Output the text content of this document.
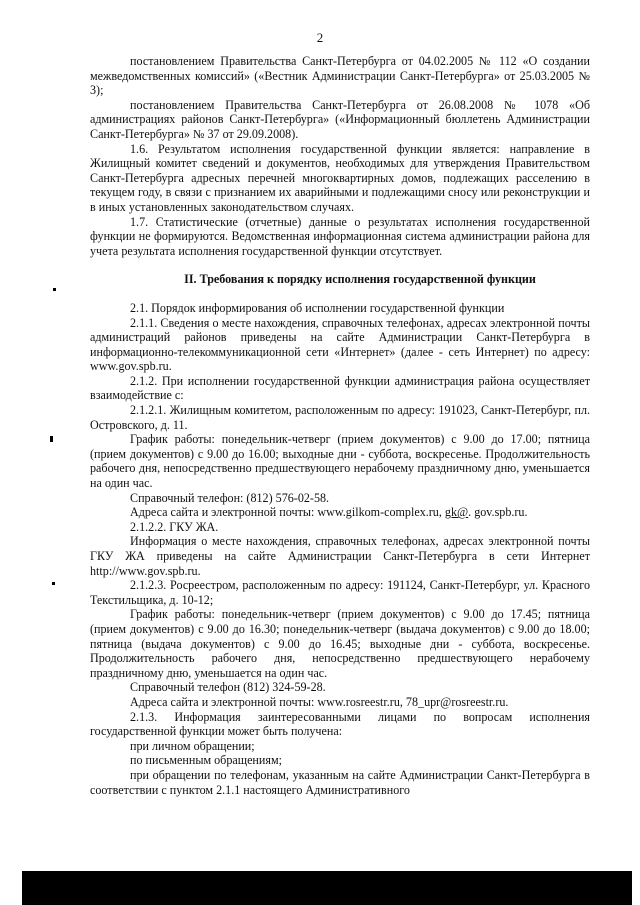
2

постановлением Правительства Санкт-Петербурга от 04.02.2005 № 112 «О создании межведомственных комиссий» («Вестник Администрации Санкт-Петербурга» от 25.03.2005 № 3);

постановлением Правительства Санкт-Петербурга от 26.08.2008 № 1078 «Об администрациях районов Санкт-Петербурга» («Информационный бюллетень Администрации Санкт-Петербурга» № 37 от 29.09.2008).

1.6. Результатом исполнения государственной функции является: направление в Жилищный комитет сведений и документов, необходимых для утверждения Правительством Санкт-Петербурга адресных перечней многоквартирных домов, подлежащих расселению в текущем году, в связи с признанием их аварийными и подлежащими сносу или реконструкции и в иных установленных законодательством случаях.

1.7. Статистические (отчетные) данные о результатах исполнения государственной функции не формируются. Ведомственная информационная система администрации района для учета результата исполнения государственной функции отсутствует.

II. Требования к порядку исполнения государственной функции

2.1. Порядок информирования об исполнении государственной функции

2.1.1. Сведения о месте нахождения, справочных телефонах, адресах электронной почты администраций районов приведены на сайте Администрации Санкт-Петербурга в информационно-телекоммуникационной сети «Интернет» (далее - сеть Интернет) по адресу: www.gov.spb.ru.

2.1.2. При исполнении государственной функции администрация района осуществляет взаимодействие с:

2.1.2.1. Жилищным комитетом, расположенным по адресу: 191023, Санкт-Петербург, пл. Островского, д. 11.

График работы: понедельник-четверг (прием документов) с 9.00 до 17.00; пятница (прием документов) с 9.00 до 16.00; выходные дни - суббота, воскресенье. Продолжительность рабочего дня, непосредственно предшествующего нерабочему праздничному дню, уменьшается на один час.

Справочный телефон: (812) 576-02-58.

Адреса сайта и электронной почты: www.gilkom-complex.ru, gk@. gov.spb.ru.

2.1.2.2. ГКУ ЖА.

Информация о месте нахождения, справочных телефонах, адресах электронной почты ГКУ ЖА приведены на сайте Администрации Санкт-Петербурга в сети Интернет http://www.gov.spb.ru.

2.1.2.3. Росреестром, расположенным по адресу: 191124, Санкт-Петербург, ул. Красного Текстильщика, д. 10-12;

График работы: понедельник-четверг (прием документов) с 9.00 до 17.45; пятница (прием документов) с 9.00 до 16.30; понедельник-четверг (выдача документов) с 9.00 до 18.00; пятница (выдача документов) с 9.00 до 16.45; выходные дни - суббота, воскресенье. Продолжительность рабочего дня, непосредственно предшествующего нерабочему праздничному дню, уменьшается на один час.

Справочный телефон (812) 324-59-28.

Адреса сайта и электронной почты: www.rosreestr.ru, 78_upr@rosreestr.ru.

2.1.3. Информация заинтересованными лицами по вопросам исполнения государственной функции может быть получена:

при личном обращении;

по письменным обращениям;

при обращении по телефонам, указанным на сайте Администрации Санкт-Петербурга в соответствии с пунктом 2.1.1 настоящего Административного
